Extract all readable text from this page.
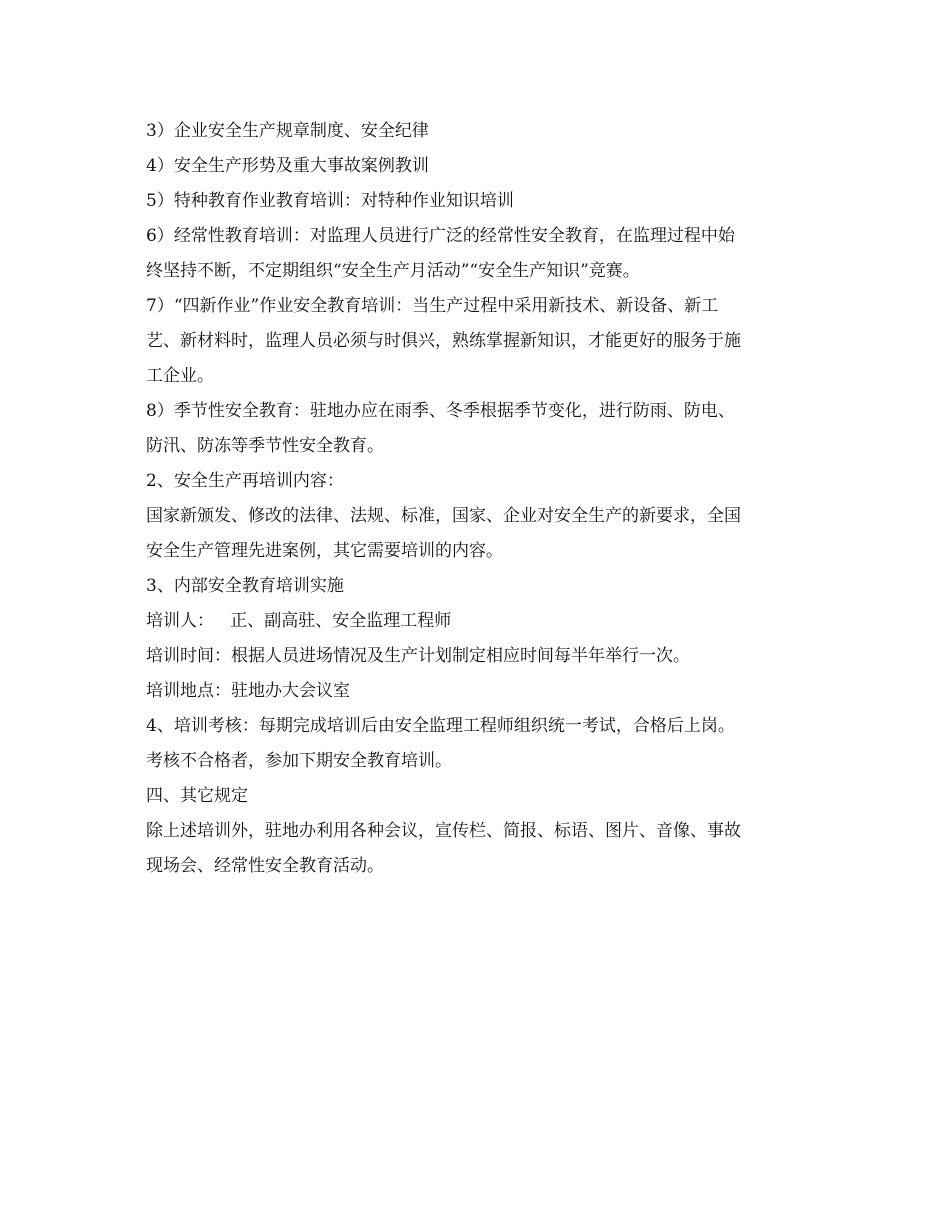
3）企业安全生产规章制度、安全纪律
4）安全生产形势及重大事故案例教训
5）特种教育作业教育培训：对特种作业知识培训
6）经常性教育培训：对监理人员进行广泛的经常性安全教育，在监理过程中始
终坚持不断，不定期组织“安全生产月活动”“安全生产知识”竞赛。
7）“四新作业”作业安全教育培训：当生产过程中采用新技术、新设备、新工
艺、新材料时，监理人员必须与时俱兴，熟练掌握新知识，才能更好的服务于施
工企业。
8）季节性安全教育：驻地办应在雨季、冬季根据季节变化，进行防雨、防电、
防汛、防冻等季节性安全教育。
2、安全生产再培训内容：
国家新颁发、修改的法律、法规、标准，国家、企业对安全生产的新要求，全国
安全生产管理先进案例，其它需要培训的内容。
3、内部安全教育培训实施
培训人：   正、副高驻、安全监理工程师
培训时间：根据人员进场情况及生产计划制定相应时间每半年举行一次。
培训地点：驻地办大会议室
4、培训考核：每期完成培训后由安全监理工程师组织统一考试，合格后上岗。
考核不合格者，参加下期安全教育培训。
四、其它规定
除上述培训外，驻地办利用各种会议，宣传栏、简报、标语、图片、音像、事故
现场会、经常性安全教育活动。
